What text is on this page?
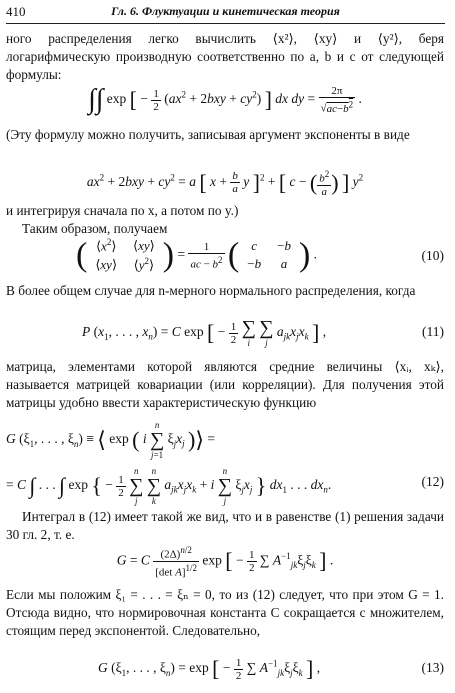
410	Гл. 6. Флуктуации и кинетическая теория
ного распределения легко вычислить ⟨x²⟩, ⟨xy⟩ и ⟨y²⟩, беря логарифмическую производную соответственно по a, b и c от следующей формулы:
∫∫ exp [ − $\frac{1}{2} (ax^2 + 2bxy + cy^2)$ ] dx dy = $\frac{2\pi}{√ac-b^2}$ .
(Эту формулу можно получить, записывая аргумент экспоненты в виде
$ax^2 + 2bxy + cy^2 = a$ [ $x + \frac{b}{a}$ y ]$^2$ + [ c − ( $\frac{b^2}{a}$ ) ] $y^2$
и интегрируя сначала по x, а потом по y.)
Таким образом, получаем
( $⟨x^2⟩$	⟨xy⟩
⟨xy⟩	$⟨y^2⟩$ ) = $\frac{1}{ac - b^2}$ ( c	−b
−b	a ) .	(10)
В более общем случае для n-мерного нормального распределения, когда
P ($x_1$, . . . , $x_n) = C$ exp [ − $\frac{1}{2}$
∑
i
∑
j $a_{jk}x_jx_k$ ] ,	(11)
матрица, элементами которой являются средние величины ⟨xᵢ, xₖ⟩, называется матрицей ковариации (или корреляции). Для получения этой матрицы удобно ввести характеристическую функцию
G ($\xi_1$, . . . , $\xi_n$) ≡ ⟨ exp ( i n
∑
j=1 $\xi_jx_j$ )⟩ =
= C ∫ . . . ∫ exp { − $\frac{1}{2}$
n
∑
j n
∑
k $a_{jk}x_jx_k + i$ n
∑
j $\xi_jx_j$ } $dx_1$ . . . $dx_n$.	(12)
Интеграл в (12) имеет такой же вид, что и в равенстве (1) решения задачи 30 гл. 2, т. е.
G = C $\frac{(2\Delta)^{n/2}}{[\det A]^{1/2}}$ exp [ − $\frac{1}{2}$ ∑ $A^{-1}_{jk}\xi_j\xi_k$ ] .
Если мы положим ξ₁ = . . . = ξₙ = 0, то из (12) следует, что при этом G = 1. Отсюда видно, что нормировочная константа C сокращается с множителем, стоящим перед экспонентой. Следовательно,
G ($\xi_1$, . . . , $\xi_n) = \exp$ [ − $\frac{1}{2}$ ∑ $A^{-1}_{jk}\xi_j\xi_k$ ] ,	(13)
